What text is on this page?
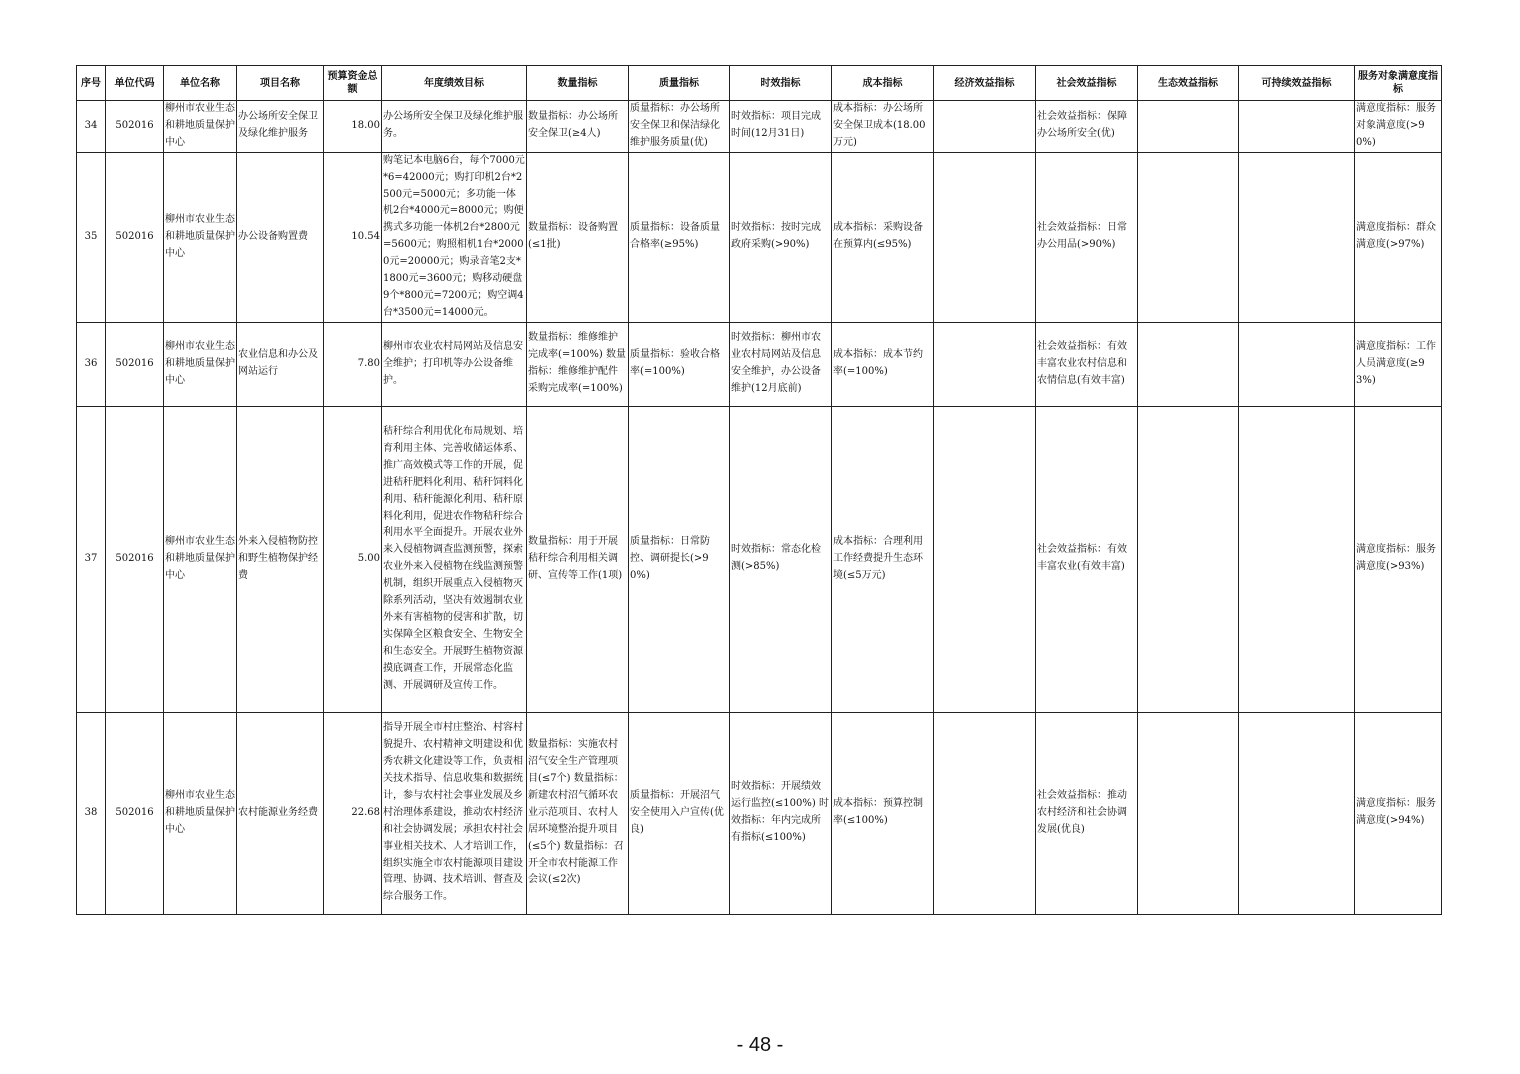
序号	单位代码	单位名称	项目名称	预算资金总额	年度绩效目标	数量指标	质量指标	时效指标	成本指标	经济效益指标	社会效益指标	生态效益指标	可持续效益指标	服务对象满意度指标
34	502016	柳州市农业生态和耕地质量保护中心	办公场所安全保卫及绿化维护服务	18.00	办公场所安全保卫及绿化维护服务。	数量指标：办公场所安全保卫(≥4人)	质量指标：办公场所安全保卫和保洁绿化维护服务质量(优)	时效指标：项目完成时间(12月31日)	成本指标：办公场所安全保卫成本(18.00万元)		社会效益指标：保障办公场所安全(优)			满意度指标：服务对象满意度(>90%)
35	502016	柳州市农业生态和耕地质量保护中心	办公设备购置费	10.54	购笔记本电脑6台，每个7000元*6=42000元；购打印机2台*2500元=5000元；多功能一体机2台*4000元=8000元；购便携式多功能一体机2台*2800元=5600元；购照相机1台*20000元=20000元；购录音笔2支*1800元=3600元；购移动硬盘9个*800元=7200元；购空调4台*3500元=14000元。	数量指标：设备购置(≤1批)	质量指标：设备质量合格率(≥95%)	时效指标：按时完成政府采购(>90%)	成本指标：采购设备在预算内(≤95%)		社会效益指标：日常办公用品(>90%)			满意度指标：群众满意度(>97%)
36	502016	柳州市农业生态和耕地质量保护中心	农业信息和办公及网站运行	7.80	柳州市农业农村局网站及信息安全维护；打印机等办公设备维护。	数量指标：维修维护完成率(=100%) 数量指标：维修维护配件采购完成率(=100%)	质量指标：验收合格率(=100%)	时效指标：柳州市农业农村局网站及信息安全维护，办公设备维护(12月底前)	成本指标：成本节约率(=100%)		社会效益指标：有效丰富农业农村信息和农情信息(有效丰富)			满意度指标：工作人员满意度(≥93%)
37	502016	柳州市农业生态和耕地质量保护中心	外来入侵植物防控和野生植物保护经费	5.00	秸秆综合利用优化布局规划、培育利用主体、完善收储运体系、推广高效模式等工作的开展，促进秸秆肥料化利用、秸秆饲料化利用、秸秆能源化利用、秸秆原料化利用，促进农作物秸秆综合利用水平全面提升。开展农业外来入侵植物调查监测预警，探索农业外来入侵植物在线监测预警机制，组织开展重点入侵植物灭除系列活动，坚决有效遏制农业外来有害植物的侵害和扩散，切实保障全区粮食安全、生物安全和生态安全。开展野生植物资源摸底调查工作，开展常态化监测、开展调研及宣传工作。	数量指标：用于开展秸秆综合利用相关调研、宣传等工作(1项)	质量指标：日常防控、调研提长(>90%)	时效指标：常态化检测(>85%)	成本指标：合理利用工作经费提升生态环境(≤5万元)		社会效益指标：有效丰富农业(有效丰富)			满意度指标：服务满意度(>93%)
38	502016	柳州市农业生态和耕地质量保护中心	农村能源业务经费	22.68	指导开展全市村庄整治、村容村貌提升、农村精神文明建设和优秀农耕文化建设等工作，负责相关技术指导、信息收集和数据统计，参与农村社会事业发展及乡村治理体系建设，推动农村经济和社会协调发展；承担农村社会事业相关技术、人才培训工作，组织实施全市农村能源项目建设管理、协调、技术培训、督查及综合服务工作。	数量指标：实施农村沼气安全生产管理项目(≤7个) 数量指标：新建农村沼气循环农业示范项目、农村人居环境整治提升项目(≤5个) 数量指标：召开全市农村能源工作会议(≤2次)	质量指标：开展沼气安全使用入户宣传(优良)	时效指标：开展绩效运行监控(≤100%) 时效指标：年内完成所有指标(≤100%)	成本指标：预算控制率(≤100%)		社会效益指标：推动农村经济和社会协调发展(优良)			满意度指标：服务满意度(>94%)
- 48 -
